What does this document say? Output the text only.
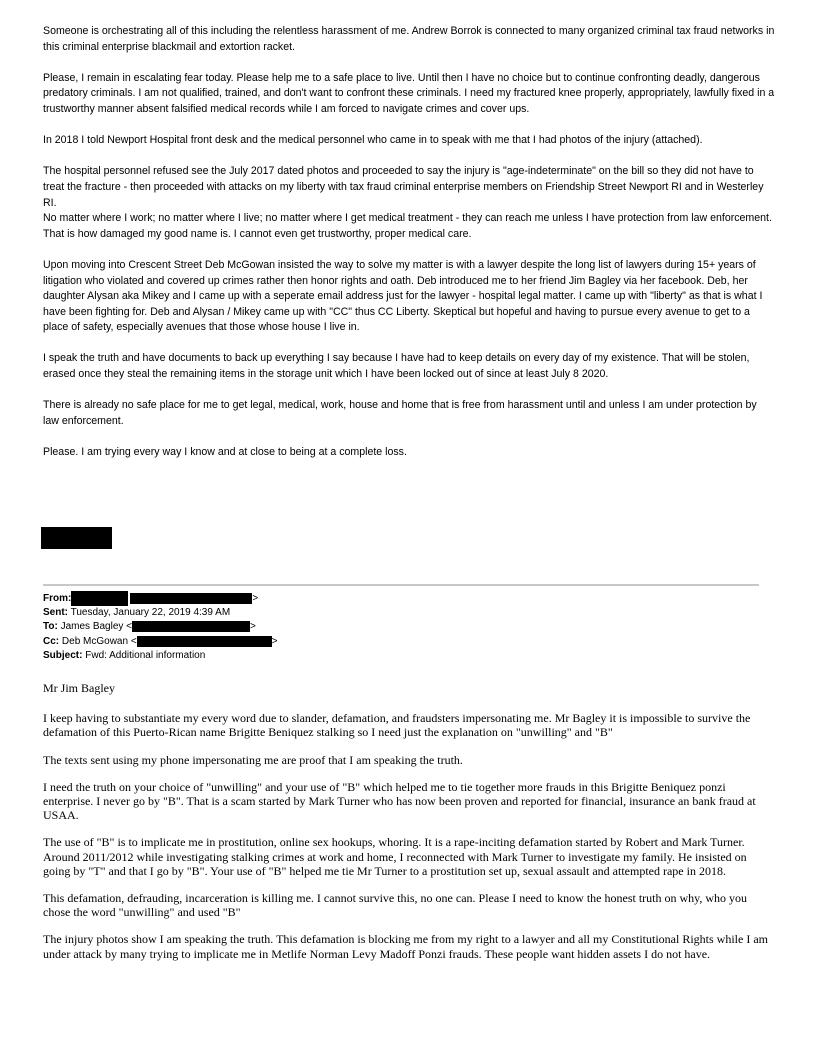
Someone is orchestrating all of this including the relentless harassment of me. Andrew Borrok is connected to many organized criminal tax fraud networks in this criminal enterprise blackmail and extortion racket.

Please, I remain in escalating fear today. Please help me to a safe place to live. Until then I have no choice but to continue confronting deadly, dangerous predatory criminals. I am not qualified, trained, and don't want to confront these criminals. I need my fractured knee properly, appropriately, lawfully fixed in a trustworthy manner absent falsified medical records while I am forced to navigate crimes and cover ups.

In 2018 I told Newport Hospital front desk and the medical personnel who came in to speak with me that I had photos of the injury (attached).

The hospital personnel refused see the July 2017 dated photos and proceeded to say the injury is "age-indeterminate" on the bill so they did not have to treat the fracture - then proceeded with attacks on my liberty with tax fraud criminal enterprise members on Friendship Street Newport RI and in Westerley RI.

No matter where I work; no matter where I live; no matter where I get medical treatment - they can reach me unless I have protection from law enforcement. That is how damaged my good name is. I cannot even get trustworthy, proper medical care.

Upon moving into Crescent Street Deb McGowan insisted the way to solve my matter is with a lawyer despite the long list of lawyers during 15+ years of litigation who violated and covered up crimes rather then honor rights and oath. Deb introduced me to her friend Jim Bagley via her facebook. Deb, her daughter Alysan aka Mikey and I came up with a seperate email address just for the lawyer - hospital legal matter. I came up with "liberty" as that is what I have been fighting for. Deb and Alysan / Mikey came up with "CC" thus CC Liberty. Skeptical but hopeful and having to pursue every avenue to get to a place of safety, especially avenues that those whose house I live in.

I speak the truth and have documents to back up everything I say because I have had to keep details on every day of my existence. That will be stolen, erased once they steal the remaining items in the storage unit which I have been locked out of since at least July 8 2020.

There is already no safe place for me to get legal, medical, work, house and home that is free from harassment until and unless I am under protection by law enforcement.

Please. I am trying every way I know and at close to being at a complete loss.

From:	>
Sent: Tuesday, January 22, 2019 4:39 AM
To: James Bagley <	>
Cc: Deb McGowan <	>
Subject: Fwd: Additional information

Mr Jim Bagley

I keep having to substantiate my every word due to slander, defamation, and fraudsters impersonating me. Mr Bagley it is impossible to survive the defamation of this Puerto-Rican name Brigitte Beniquez stalking so I need just the explanation on "unwilling" and "B"

The texts sent using my phone impersonating me are proof that I am speaking the truth.

I need the truth on your choice of "unwilling" and your use of "B" which helped me to tie together more frauds in this Brigitte Beniquez ponzi enterprise. I never go by "B". That is a scam started by Mark Turner who has now been proven and reported for financial, insurance an bank fraud at USAA.

The use of "B" is to implicate me in prostitution, online sex hookups, whoring. It is a rape-inciting defamation started by Robert and Mark Turner. Around 2011/2012 while investigating stalking crimes at work and home, I reconnected with Mark Turner to investigate my family. He insisted on going by "T" and that I go by "B". Your use of "B" helped me tie Mr Turner to a prostitution set up, sexual assault and attempted rape in 2018.

This defamation, defrauding, incarceration is killing me. I cannot survive this, no one can. Please I need to know the honest truth on why, who you chose the word "unwilling" and used "B"

The injury photos show I am speaking the truth. This defamation is blocking me from my right to a lawyer and all my Constitutional Rights while I am under attack by many trying to implicate me in Metlife Norman Levy Madoff Ponzi frauds. These people want hidden assets I do not have.
